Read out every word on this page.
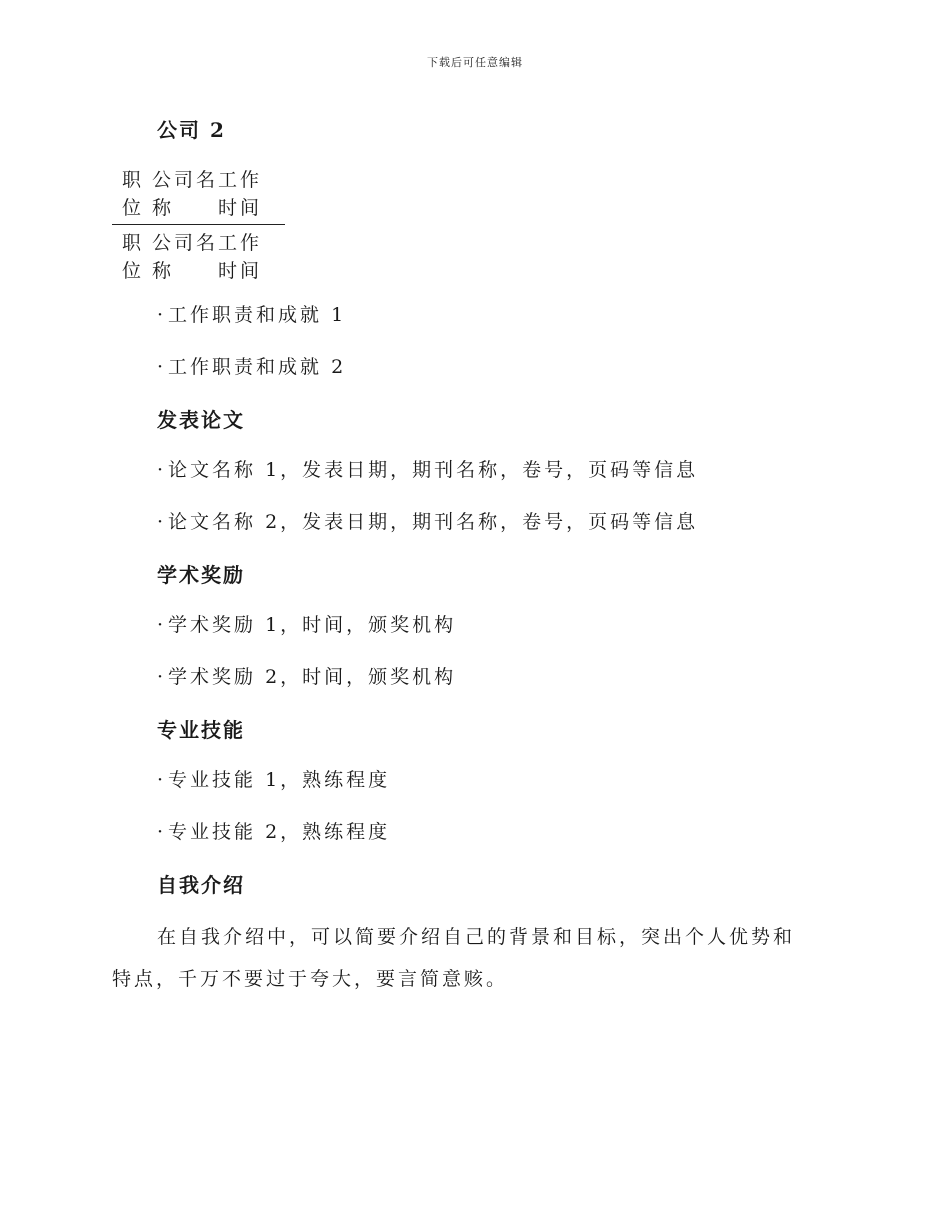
下载后可任意编辑
公司 2
职位
公司名称
工作时间
职位
公司名称
工作时间
· 工作职责和成就 1
· 工作职责和成就 2
发表论文
· 论文名称 1，发表日期，期刊名称，卷号，页码等信息
· 论文名称 2，发表日期，期刊名称，卷号，页码等信息
学术奖励
· 学术奖励 1，时间，颁奖机构
· 学术奖励 2，时间，颁奖机构
专业技能
· 专业技能 1，熟练程度
· 专业技能 2，熟练程度
自我介绍
在自我介绍中，可以简要介绍自己的背景和目标，突出个人优势和特点，千万不要过于夸大，要言简意赅。
